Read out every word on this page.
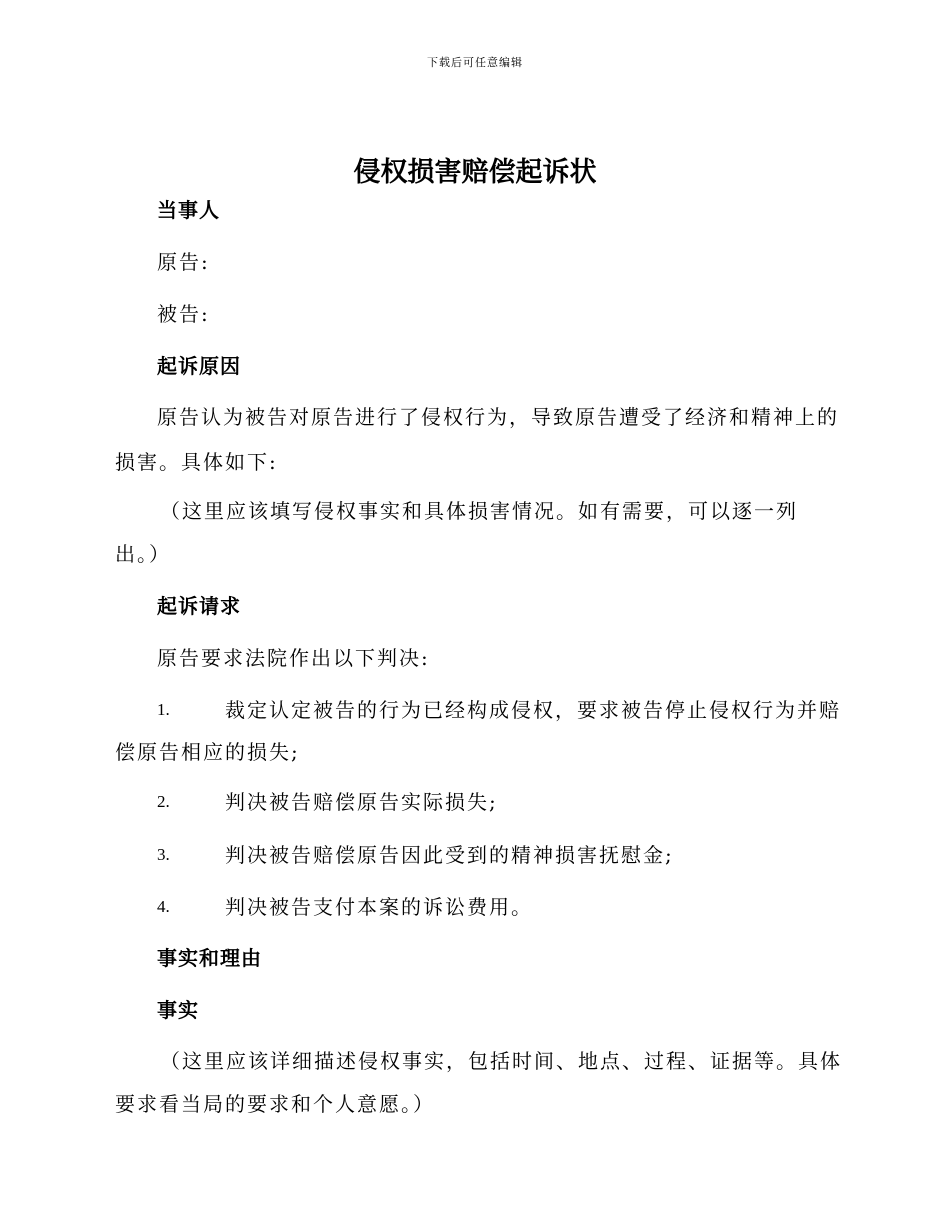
下载后可任意编辑
侵权损害赔偿起诉状
当事人
原告:
被告:
起诉原因
原告认为被告对原告进行了侵权行为，导致原告遭受了经济和精神上的
损害。具体如下:
（这里应该填写侵权事实和具体损害情况。如有需要，可以逐一列
出。）
起诉请求
原告要求法院作出以下判决:
1.	裁定认定被告的行为已经构成侵权，要求被告停止侵权行为并赔
偿原告相应的损失;
2.	判决被告赔偿原告实际损失;
3.	判决被告赔偿原告因此受到的精神损害抚慰金;
4.	判决被告支付本案的诉讼费用。
事实和理由
事实
（这里应该详细描述侵权事实，包括时间、地点、过程、证据等。具体
要求看当局的要求和个人意愿。）
